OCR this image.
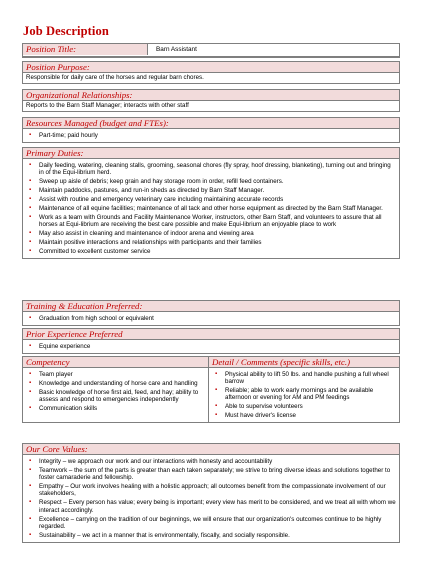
Job Description
Position Title:	Barn Assistant
Position Purpose:
Responsible for daily care of the horses and regular barn chores.
Organizational Relationships:
Reports to the Barn Staff Manager; interacts with other staff
Resources Managed (budget and FTEs):
▪ Part-time; paid hourly
Primary Duties:
▪ Daily feeding, watering, cleaning stalls, grooming, seasonal chores (fly spray, hoof dressing, blanketing), turning out and bringing in of the Equi-librium herd.
▪ Sweep up aisle of debris; keep grain and hay storage room in order, refill feed containers.
▪ Maintain paddocks, pastures, and run-in sheds as directed by Barn Staff Manager.
▪ Assist with routine and emergency veterinary care including maintaining accurate records
▪ Maintenance of all equine facilities; maintenance of all tack and other horse equipment as directed by the Barn Staff Manager.
▪ Work as a team with Grounds and Facility Maintenance Worker, instructors, other Barn Staff, and volunteers to assure that all horses at Equi-librium are receiving the best care possible and make Equi-librium an enjoyable place to work
▪ May also assist in cleaning and maintenance of indoor arena and viewing area
▪ Maintain positive interactions and relationships with participants and their families
▪ Committed to excellent customer service
Training & Education Preferred:
▪ Graduation from high school or equivalent
Prior Experience Preferred
▪ Equine experience
Competency	Detail / Comments (specific skills, etc.)
▪ Team player
▪ Knowledge and understanding of horse care and handling
▪ Basic knowledge of horse first aid, feed, and hay; ability to assess and respond to emergencies independently
▪ Communication skills
▪ Physical ability to lift 50 lbs. and handle pushing a full wheel barrow
▪ Reliable; able to work early mornings and be available afternoon or evening for AM and PM feedings
▪ Able to supervise volunteers
▪ Must have driver's license
Our Core Values:
▪ Integrity – we approach our work and our interactions with honesty and accountability
▪ Teamwork – the sum of the parts is greater than each taken separately; we strive to bring diverse ideas and solutions together to foster camaraderie and fellowship.
▪ Empathy – Our work involves healing with a holistic approach; all outcomes benefit from the compassionate involvement of our stakeholders,
▪ Respect – Every person has value; every being is important; every view has merit to be considered, and we treat all with whom we interact accordingly.
▪ Excellence – carrying on the tradition of our beginnings, we will ensure that our organization's outcomes continue to be highly regarded.
▪ Sustainability – we act in a manner that is environmentally, fiscally, and socially responsible.
